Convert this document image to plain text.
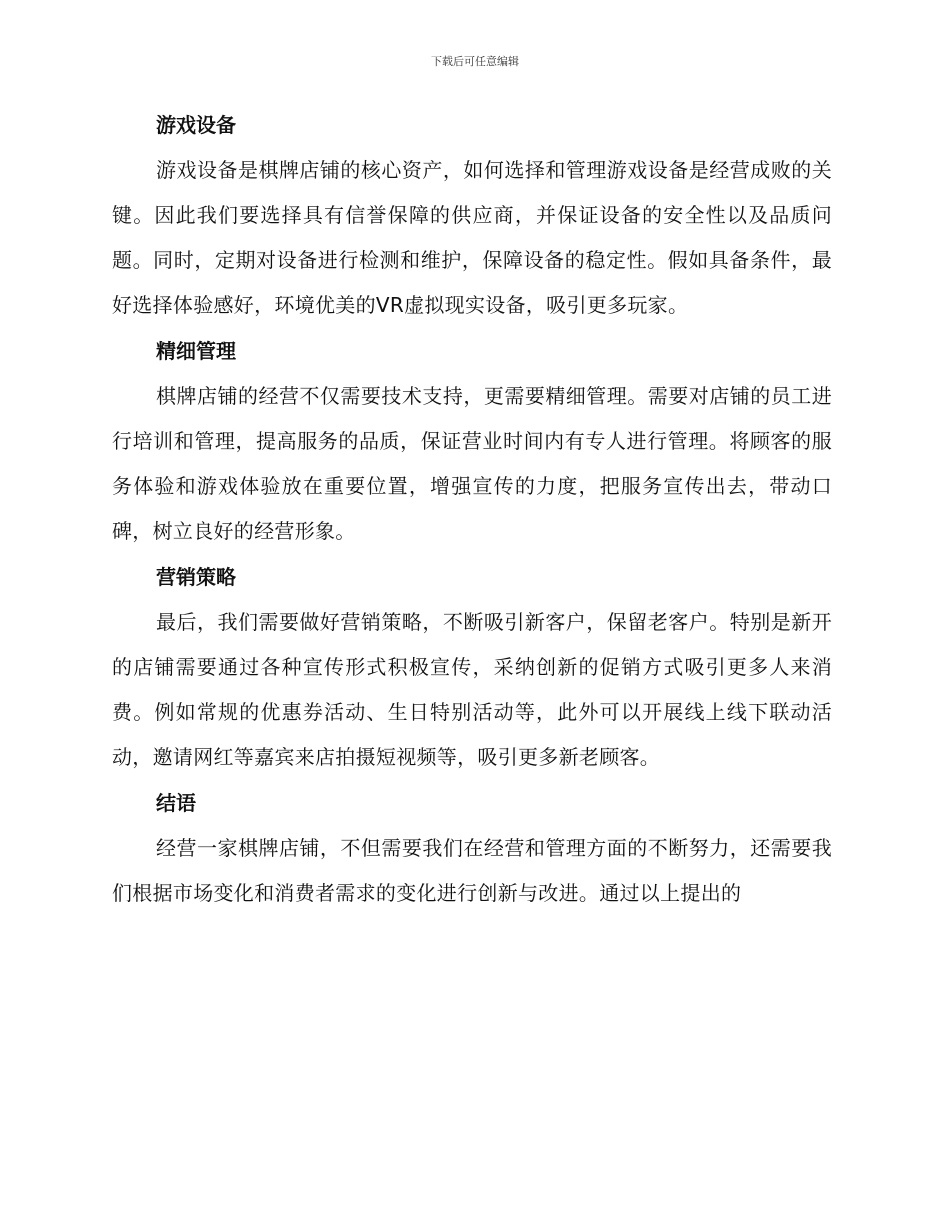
下载后可任意编辑
游戏设备

游戏设备是棋牌店铺的核心资产，如何选择和管理游戏设备是经营成败的关键。因此我们要选择具有信誉保障的供应商，并保证设备的安全性以及品质问题。同时，定期对设备进行检测和维护，保障设备的稳定性。假如具备条件，最好选择体验感好，环境优美的VR虚拟现实设备，吸引更多玩家。

精细管理

棋牌店铺的经营不仅需要技术支持，更需要精细管理。需要对店铺的员工进行培训和管理，提高服务的品质，保证营业时间内有专人进行管理。将顾客的服务体验和游戏体验放在重要位置，增强宣传的力度，把服务宣传出去，带动口碑，树立良好的经营形象。

营销策略

最后，我们需要做好营销策略，不断吸引新客户，保留老客户。特别是新开的店铺需要通过各种宣传形式积极宣传，采纳创新的促销方式吸引更多人来消费。例如常规的优惠券活动、生日特别活动等，此外可以开展线上线下联动活动，邀请网红等嘉宾来店拍摄短视频等，吸引更多新老顾客。

结语

经营一家棋牌店铺，不但需要我们在经营和管理方面的不断努力，还需要我们根据市场变化和消费者需求的变化进行创新与改进。通过以上提出的
